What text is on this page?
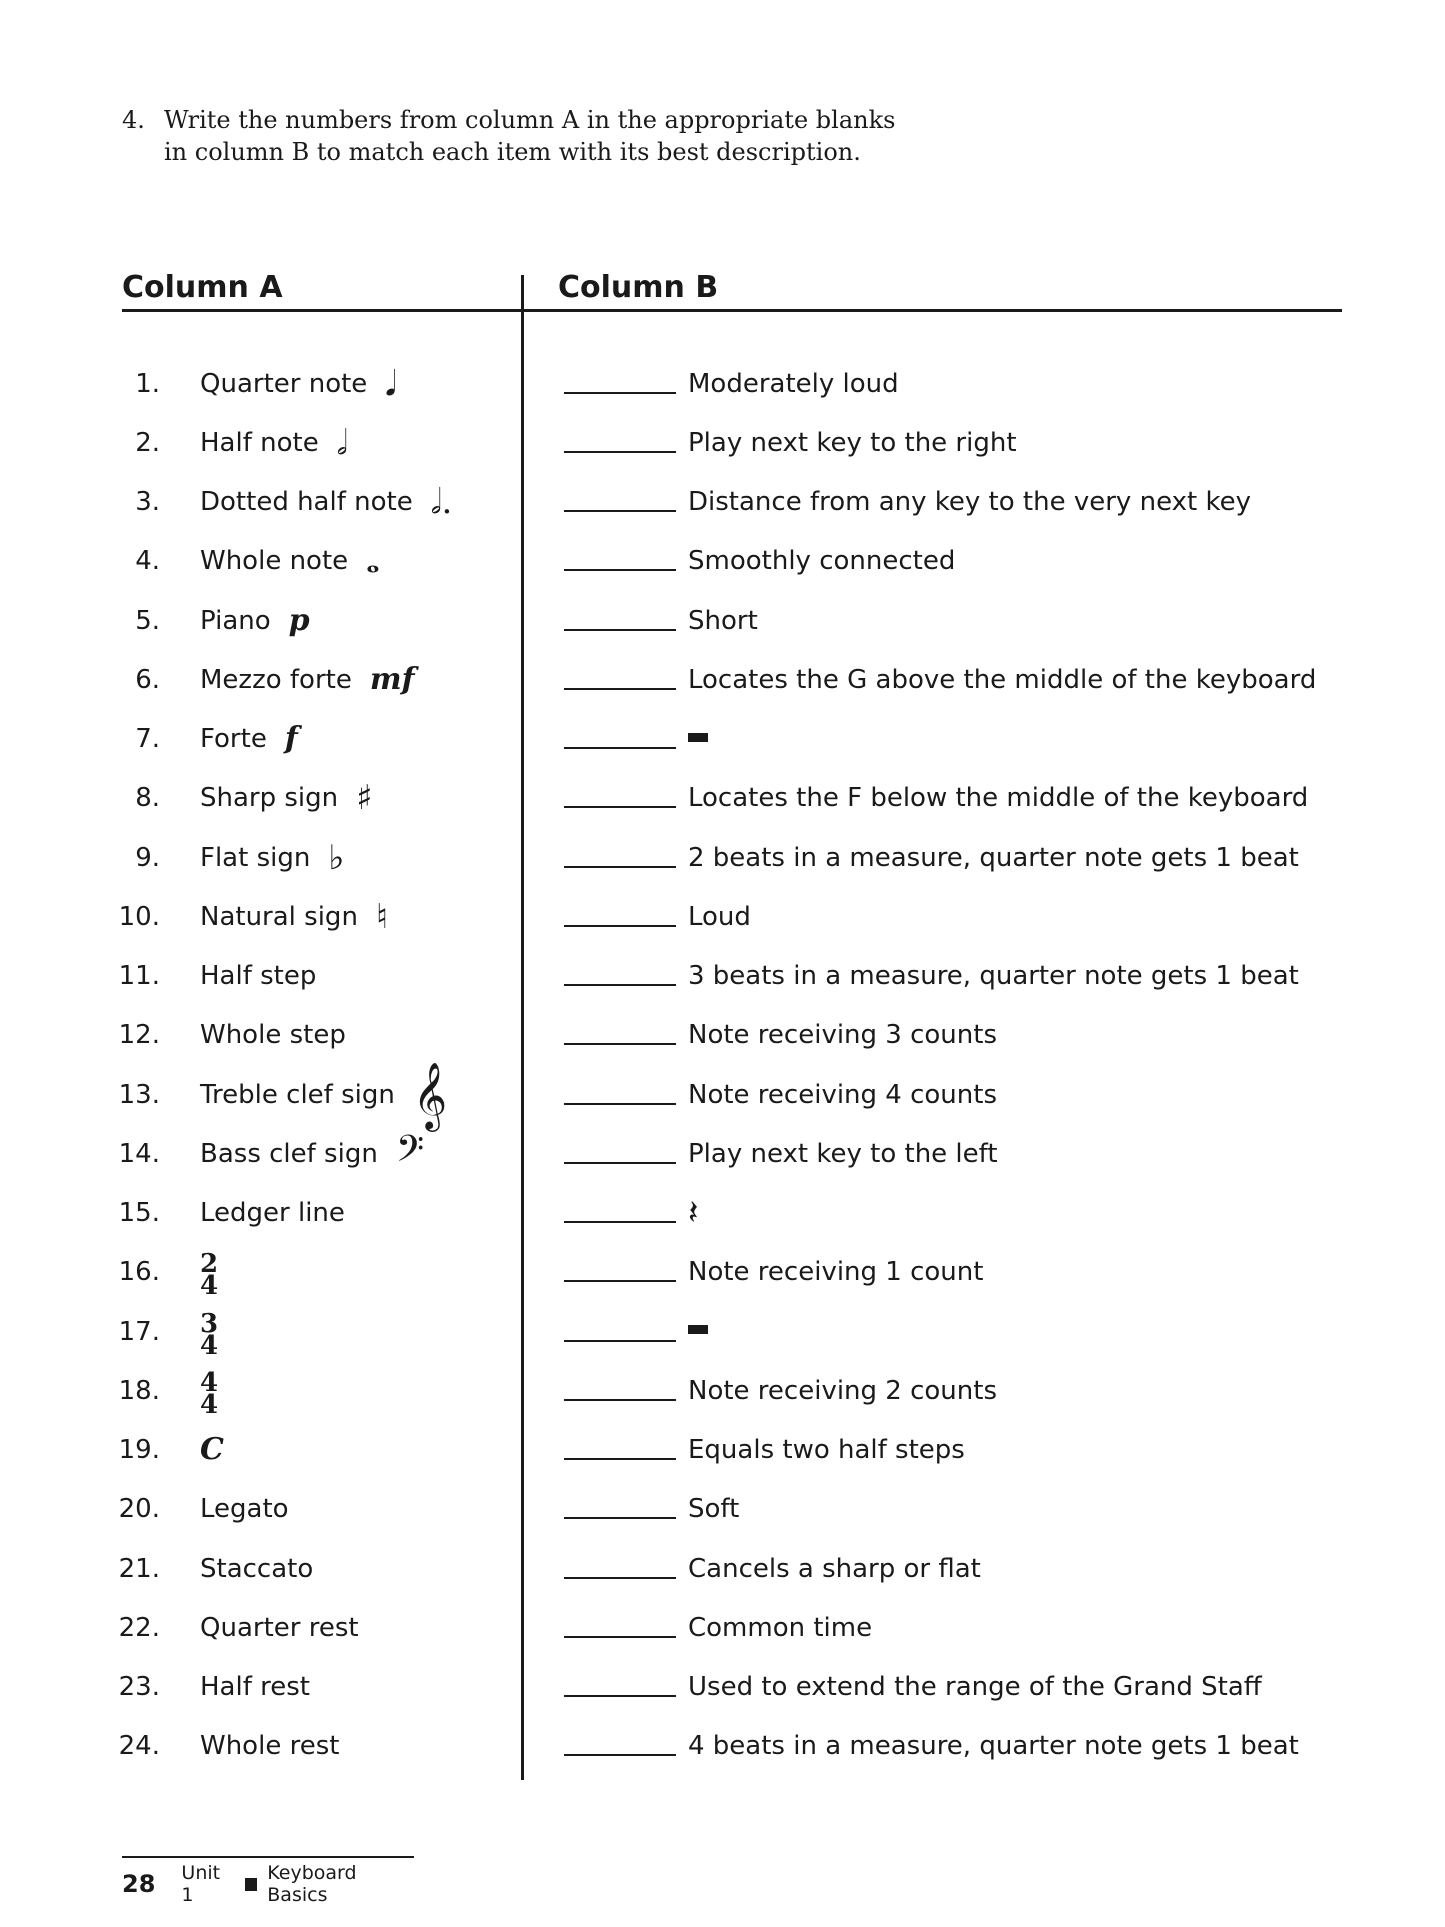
4. Write the numbers from column A in the appropriate blanks in column B to match each item with its best description.
Column A	Column B
1. Quarter note 𝅘𝅥
2. Half note 𝅗𝅥
3. Dotted half note 𝅗𝅥.
4. Whole note 𝅝
5. Piano p
6. Mezzo forte mf
7. Forte f
8. Sharp sign ♯
9. Flat sign ♭
10. Natural sign ♮
11. Half step
12. Whole step
13. Treble clef sign 𝄞
14. Bass clef sign 𝄢
15. Ledger line
16. 2
4
17. 3
4
18. 4
4
19. C
20. Legato
21. Staccato
22. Quarter rest
23. Half rest
24. Whole rest
Moderately loud
Play next key to the right
Distance from any key to the very next key
Smoothly connected
Short
Locates the G above the middle of the keyboard
Locates the F below the middle of the keyboard
2 beats in a measure, quarter note gets 1 beat
Loud
3 beats in a measure, quarter note gets 1 beat
Note receiving 3 counts
Note receiving 4 counts
Play next key to the left
𝄽
Note receiving 1 count
Note receiving 2 counts
Equals two half steps
Soft
Cancels a sharp or flat
Common time
Used to extend the range of the Grand Staff
4 beats in a measure, quarter note gets 1 beat
28 Unit 1
Keyboard Basics
